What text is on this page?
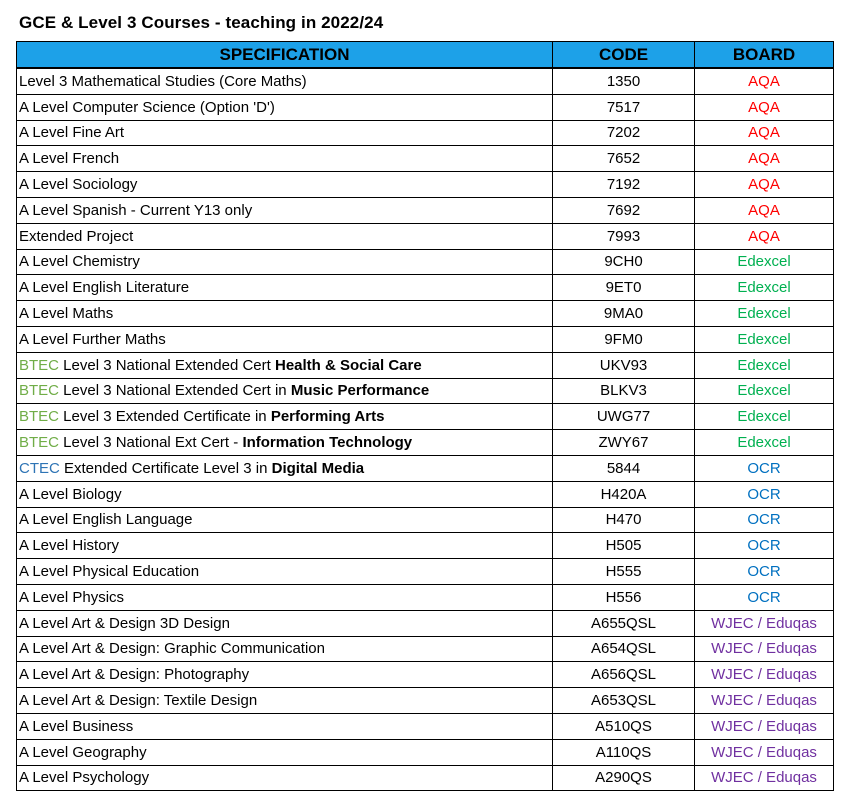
GCE & Level 3 Courses - teaching in 2022/24
SPECIFICATION	CODE	BOARD
Level 3 Mathematical Studies (Core Maths)	1350	AQA
A Level Computer Science (Option 'D')	7517	AQA
A Level Fine Art	7202	AQA
A Level French	7652	AQA
A Level Sociology	7192	AQA
A Level Spanish - Current Y13 only	7692	AQA
Extended Project	7993	AQA
A Level Chemistry	9CH0	Edexcel
A Level English Literature	9ET0	Edexcel
A Level Maths	9MA0	Edexcel
A Level Further Maths	9FM0	Edexcel
BTEC Level 3 National Extended Cert Health & Social Care	UKV93	Edexcel
BTEC Level 3 National Extended Cert in Music Performance	BLKV3	Edexcel
BTEC Level 3 Extended Certificate in Performing Arts	UWG77	Edexcel
BTEC Level 3 National Ext Cert - Information Technology	ZWY67	Edexcel
CTEC Extended Certificate Level 3 in Digital Media	5844	OCR
A Level Biology	H420A	OCR
A Level English Language	H470	OCR
A Level History	H505	OCR
A Level Physical Education	H555	OCR
A Level Physics	H556	OCR
A Level Art & Design 3D Design	A655QSL	WJEC / Eduqas
A Level Art & Design: Graphic Communication	A654QSL	WJEC / Eduqas
A Level Art & Design: Photography	A656QSL	WJEC / Eduqas
A Level Art & Design: Textile Design	A653QSL	WJEC / Eduqas
A Level Business	A510QS	WJEC / Eduqas
A Level Geography	A110QS	WJEC / Eduqas
A Level Psychology	A290QS	WJEC / Eduqas
